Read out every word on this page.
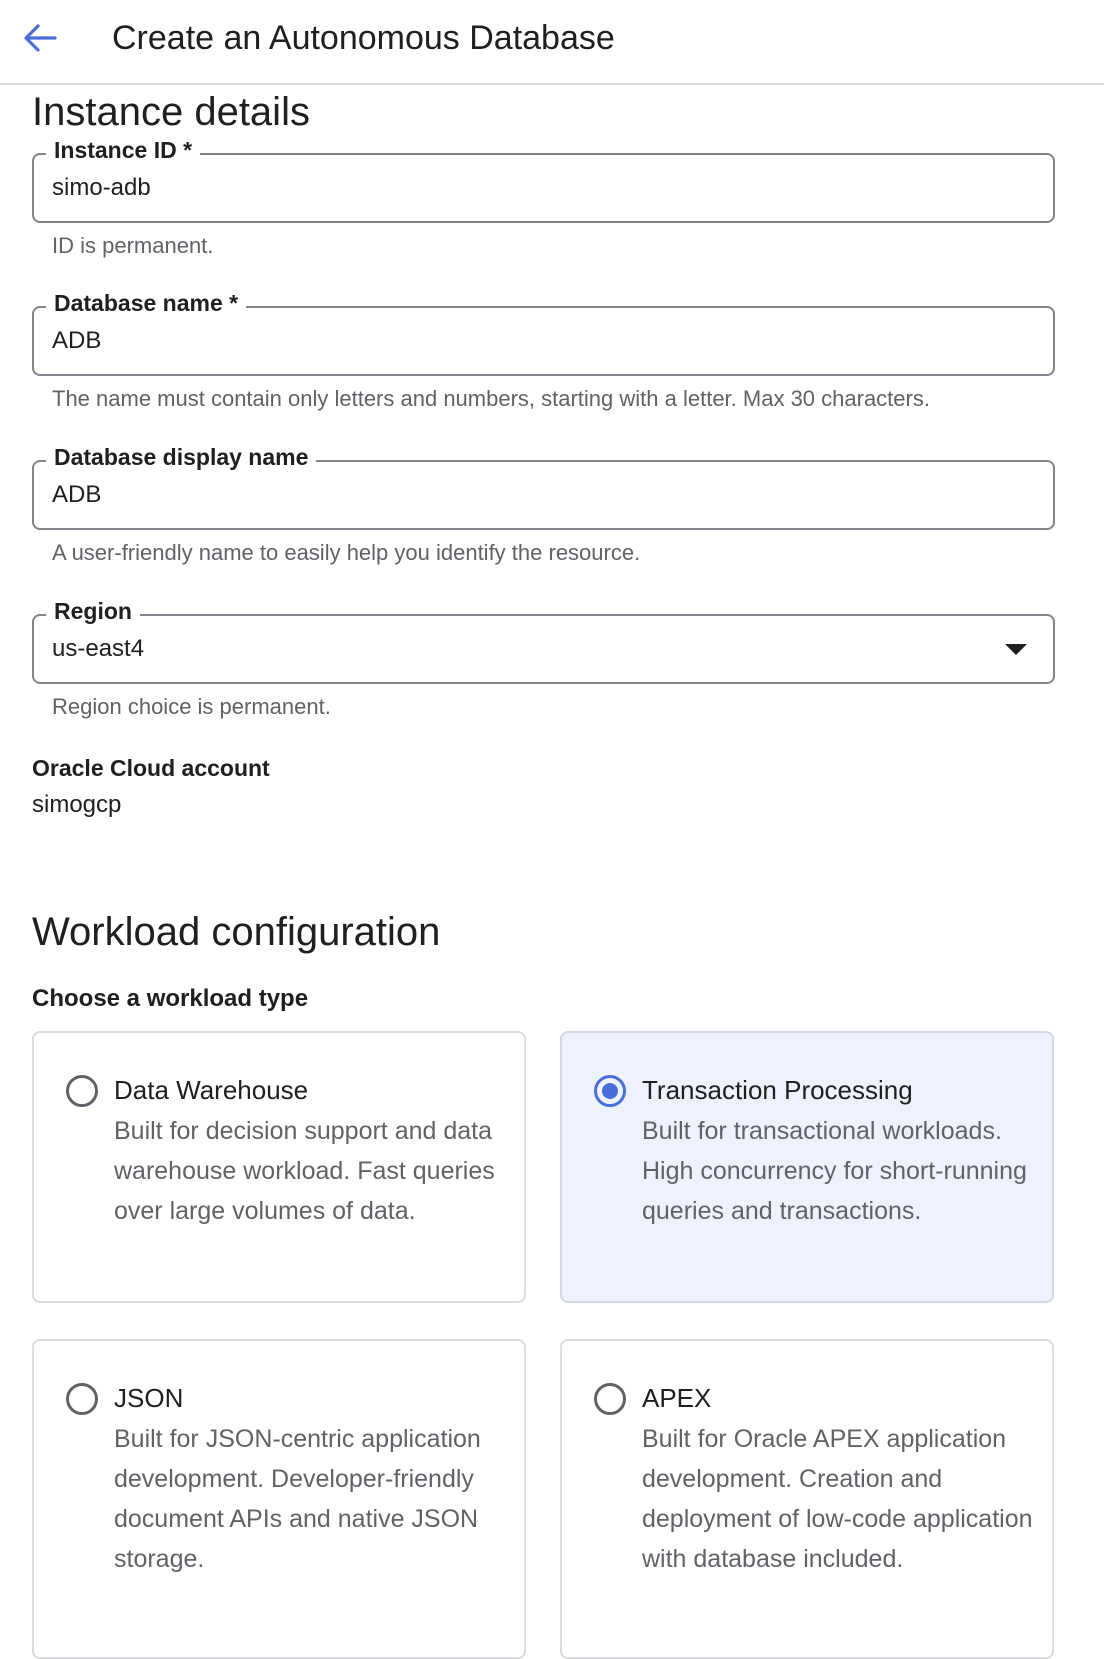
Create an Autonomous Database
Instance details
Instance ID *
simo-adb
ID is permanent.
Database name *
ADB
The name must contain only letters and numbers, starting with a letter. Max 30 characters.
Database display name
ADB
A user-friendly name to easily help you identify the resource.
Region
us-east4
Region choice is permanent.
Oracle Cloud account
simogcp
Workload configuration
Choose a workload type
Data Warehouse
Built for decision support and data warehouse workload. Fast queries over large volumes of data.
Transaction Processing
Built for transactional workloads. High concurrency for short-running queries and transactions.
JSON
Built for JSON-centric application development. Developer-friendly document APIs and native JSON storage.
APEX
Built for Oracle APEX application development. Creation and deployment of low-code application with database included.
